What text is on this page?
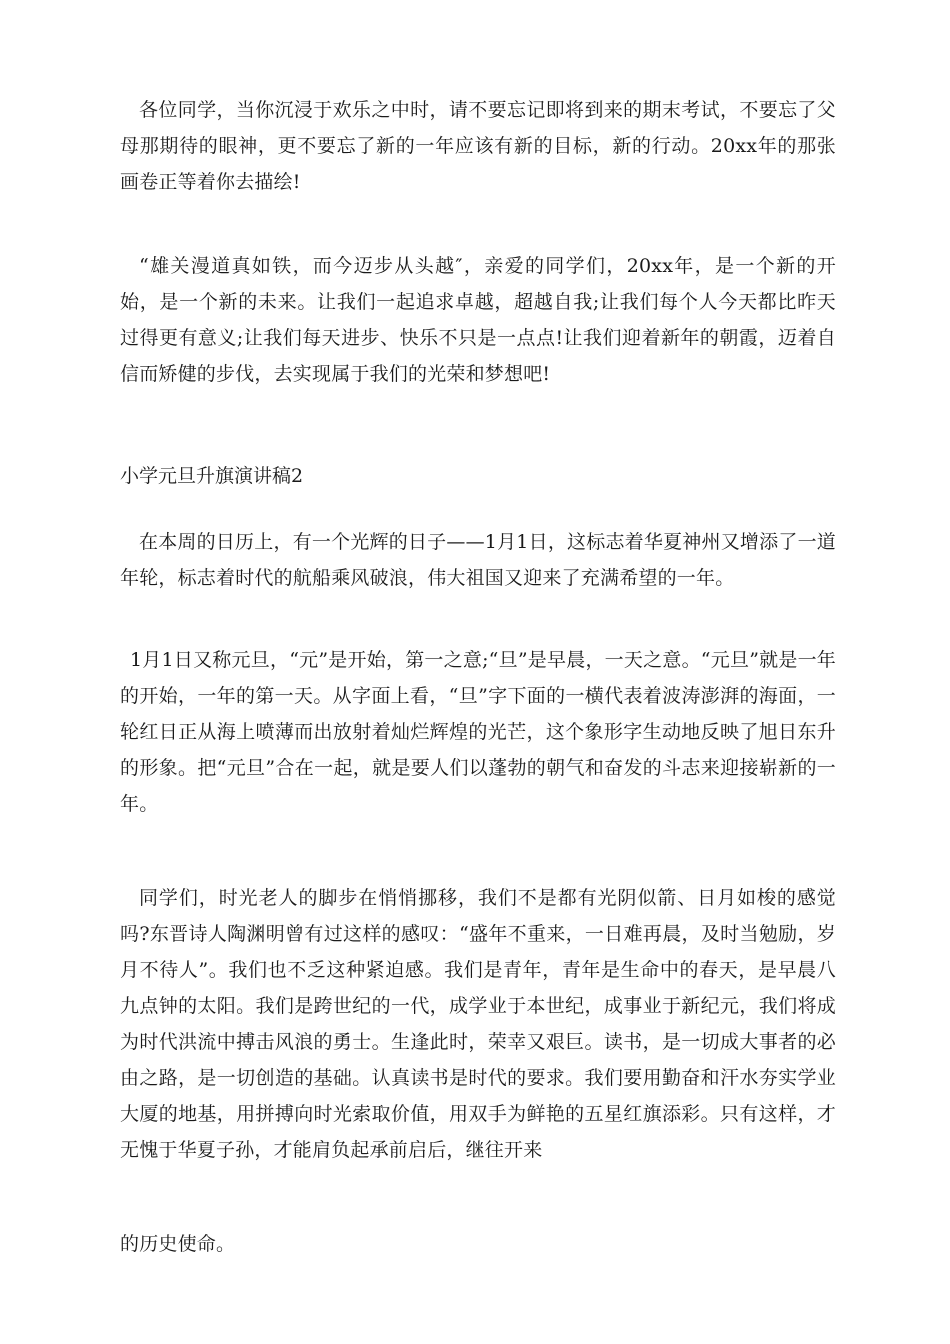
各位同学，当你沉浸于欢乐之中时，请不要忘记即将到来的期末考试，不要忘了父母那期待的眼神，更不要忘了新的一年应该有新的目标，新的行动。20xx年的那张画卷正等着你去描绘!

“雄关漫道真如铁，而今迈步从头越″，亲爱的同学们，20xx年，是一个新的开始，是一个新的未来。让我们一起追求卓越，超越自我;让我们每个人今天都比昨天过得更有意义;让我们每天进步、快乐不只是一点点!让我们迎着新年的朝霞，迈着自信而矫健的步伐，去实现属于我们的光荣和梦想吧!

小学元旦升旗演讲稿2

在本周的日历上，有一个光辉的日子——1月1日，这标志着华夏神州又增添了一道年轮，标志着时代的航船乘风破浪，伟大祖国又迎来了充满希望的一年。

1月1日又称元旦，“元”是开始，第一之意;“旦”是早晨，一天之意。“元旦”就是一年的开始，一年的第一天。从字面上看，“旦”字下面的一横代表着波涛澎湃的海面，一轮红日正从海上喷薄而出放射着灿烂辉煌的光芒，这个象形字生动地反映了旭日东升的形象。把“元旦”合在一起，就是要人们以蓬勃的朝气和奋发的斗志来迎接崭新的一年。

同学们，时光老人的脚步在悄悄挪移，我们不是都有光阴似箭、日月如梭的感觉吗?东晋诗人陶渊明曾有过这样的感叹：“盛年不重来，一日难再晨，及时当勉励，岁月不待人”。我们也不乏这种紧迫感。我们是青年，青年是生命中的春天，是早晨八九点钟的太阳。我们是跨世纪的一代，成学业于本世纪，成事业于新纪元，我们将成为时代洪流中搏击风浪的勇士。生逢此时，荣幸又艰巨。读书，是一切成大事者的必由之路，是一切创造的基础。认真读书是时代的要求。我们要用勤奋和汗水夯实学业大厦的地基，用拼搏向时光索取价值，用双手为鲜艳的五星红旗添彩。只有这样，才无愧于华夏子孙，才能肩负起承前启后，继往开来

的历史使命。
